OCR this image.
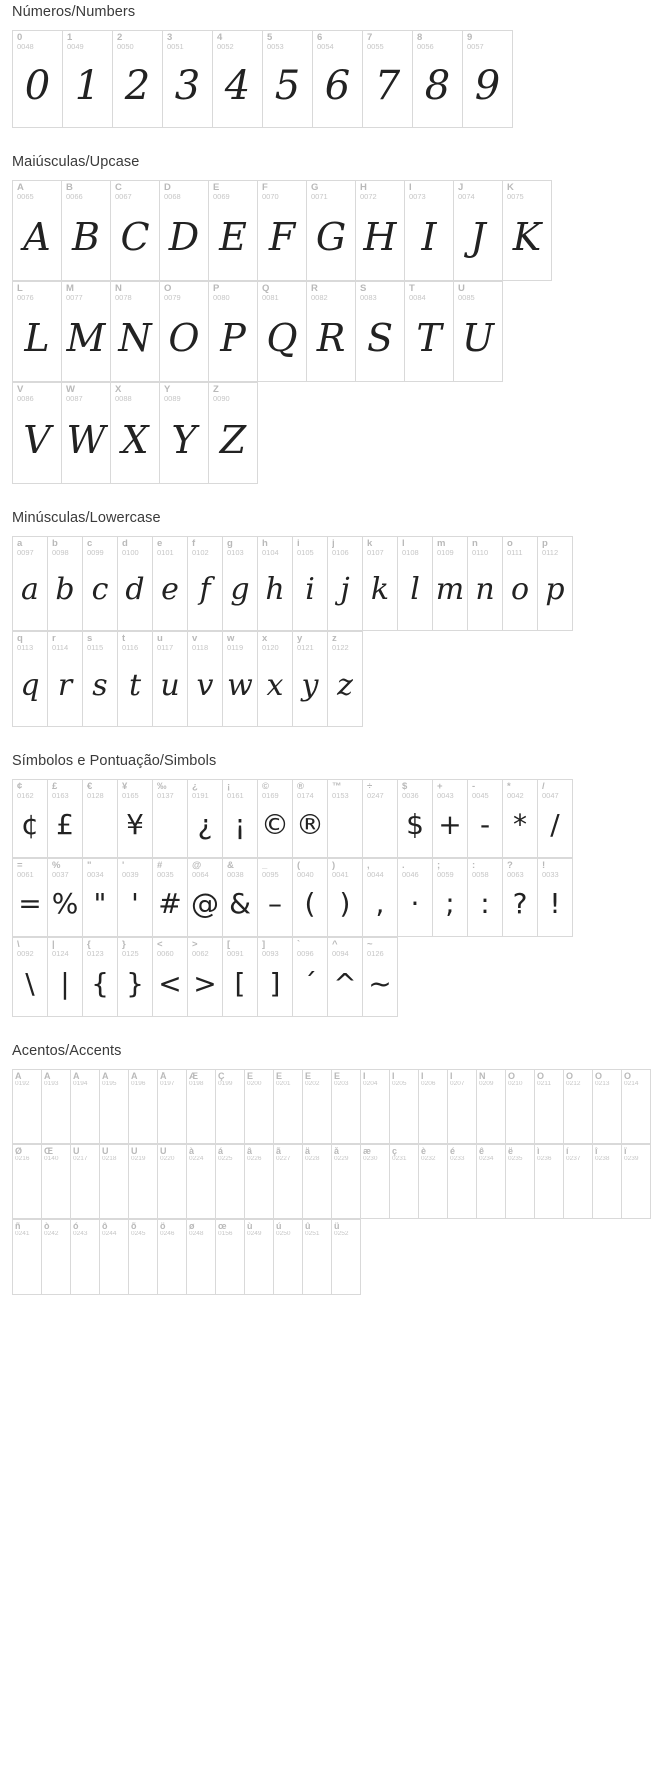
Números/Numbers
0
0048
0
1
0049
1
2
0050
2
3
0051
3
4
0052
4
5
0053
5
6
0054
6
7
0055
7
8
0056
8
9
0057
9
Maiúsculas/Upcase
A
0065
A
B
0066
B
C
0067
C
D
0068
D
E
0069
E
F
0070
F
G
0071
G
H
0072
H
I
0073
I
J
0074
J
K
0075
K
L
0076
L
M
0077
M
N
0078
N
O
0079
O
P
0080
P
Q
0081
Q
R
0082
R
S
0083
S
T
0084
T
U
0085
U
V
0086
V
W
0087
W
X
0088
X
Y
0089
Y
Z
0090
Z
Minúsculas/Lowercase
a
0097
a
b
0098
b
c
0099
c
d
0100
d
e
0101
e
f
0102
f
g
0103
g
h
0104
h
i
0105
i
j
0106
j
k
0107
k
l
0108
l
m
0109
m
n
0110
n
o
0111
o
p
0112
p
q
0113
q
r
0114
r
s
0115
s
t
0116
t
u
0117
u
v
0118
v
w
0119
w
x
0120
x
y
0121
y
z
0122
z
Símbolos e Pontuação/Simbols
¢
0162
¢
£
0163
£
€
0128
¥
0165
¥
‰
0137
¿
0191
¿
¡
0161
¡
©
0169
©
®
0174
®
™
0153
÷
0247
$
0036
$
+
0043
+
-
0045
-
*
0042
*
/
0047
/
=
0061
=
%
0037
%
"
0034
"
'
0039
'
#
0035
#
@
0064
@
&
0038
&
_
0095
–
(
0040
(
)
0041
)
,
0044
,
.
0046
·
;
0059
;
:
0058
:
?
0063
?
!
0033
!
\
0092
\
|
0124
|
{
0123
{
}
0125
}
<
0060
<
>
0062
>
[
0091
[
]
0093
]
`
0096
´
^
0094
^
~
0126
~
Acentos/Accents
À
0192
Á
0193
Â
0194
Ã
0195
Ä
0196
Å
0197
Æ
0198
Ç
0199
È
0200
É
0201
Ê
0202
Ë
0203
Ì
0204
Í
0205
Î
0206
Ï
0207
Ñ
0209
Ò
0210
Ó
0211
Ô
0212
Õ
0213
Ö
0214
Ø
0216
Œ
0140
Ù
0217
Ú
0218
Û
0219
Ü
0220
à
0224
á
0225
â
0226
ã
0227
ä
0228
å
0229
æ
0230
ç
0231
è
0232
é
0233
ê
0234
ë
0235
ì
0236
í
0237
î
0238
ï
0239
ñ
0241
ò
0242
ó
0243
ô
0244
õ
0245
ö
0246
ø
0248
œ
0156
ù
0249
ú
0250
û
0251
ü
0252
